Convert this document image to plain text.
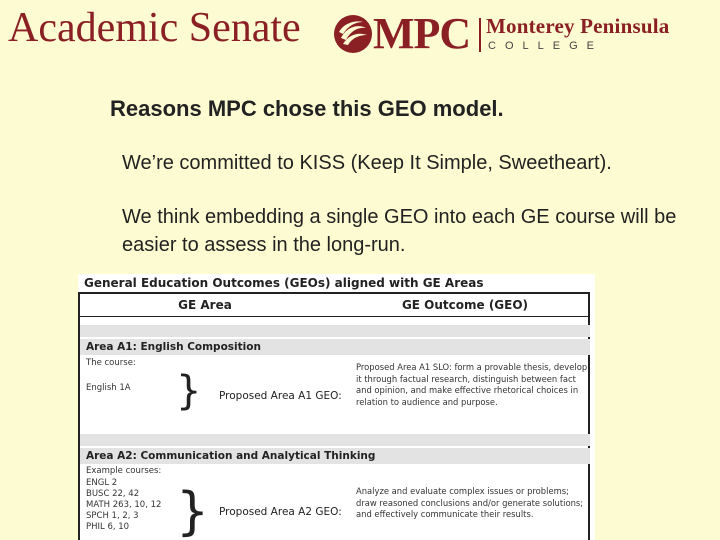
Academic Senate MPC Monterey Peninsula
COLLEGE
Reasons MPC chose this GEO model.
We’re committed to KISS (Keep It Simple, Sweetheart).
We think embedding a single GEO into each GE course will be easier to assess in the long-run.
General Education Outcomes (GEOs) aligned with GE Areas
GE Area	GE Outcome (GEO)
Area A1: English Composition
The course:
English 1A } Proposed Area A1 GEO:
Proposed Area A1 SLO: form a provable thesis, develop it through factual research, distinguish between fact and opinion, and make effective rhetorical choices in relation to audience and purpose.
Area A2: Communication and Analytical Thinking
Example courses:
ENGL 2
BUSC 22, 42
MATH 263, 10, 12
SPCH 1, 2, 3
PHIL 6, 10 } Proposed Area A2 GEO:
Analyze and evaluate complex issues or problems; draw reasoned conclusions and/or generate solutions; and effectively communicate their results.
